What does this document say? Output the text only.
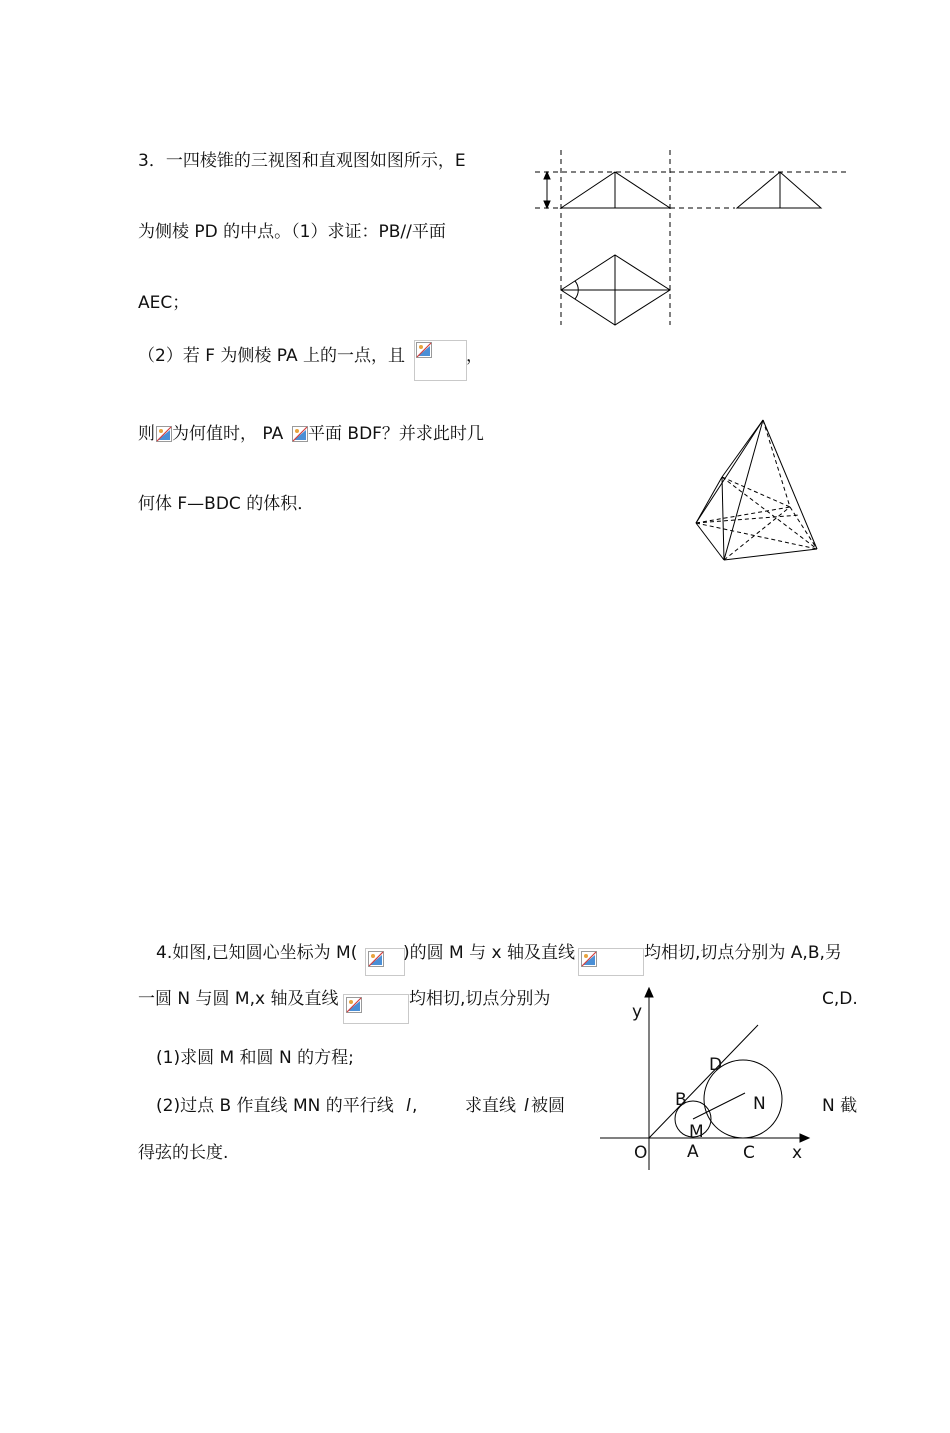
3．一四棱锥的三视图和直观图如图所示，E
为侧棱 PD 的中点。（1）求证：PB//平面
AEC；
（2）若 F 为侧棱 PA 上的一点，且	，
则 为何值时， PA 平面 BDF？并求此时几
何体 F—BDC 的体积．
4.如图,已知圆心坐标为 M(	)的圆 M 与 x 轴及直线	均相切,切点分别为 A,B,另
一圆 N 与圆 M,x 轴及直线	均相切,切点分别为	C,D.
(1)求圆 M 和圆 N 的方程;
(2)过点 B 作直线 MN 的平行线 l ,	求直线 l 被圆	N 截
得弦的长度.
y
x
O A
B
C
D
M
N
